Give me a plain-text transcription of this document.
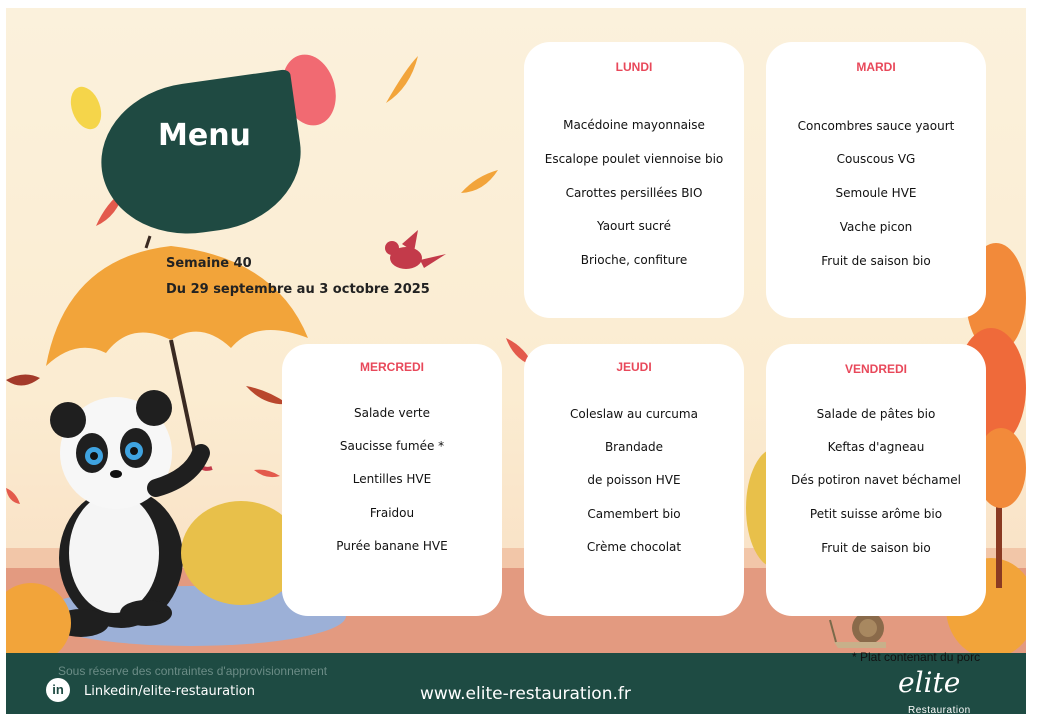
Menu
Semaine 40
Du 29 septembre au 3 octobre 2025
LUNDI
Macédoine mayonnaise
Escalope poulet viennoise bio
Carottes persillées BIO
Yaourt sucré
Brioche, confiture
MARDI
Concombres sauce yaourt
Couscous VG
Semoule HVE
Vache picon
Fruit de saison bio
MERCREDI
Salade verte
Saucisse fumée *
Lentilles HVE
Fraidou
Purée banane HVE
JEUDI
Coleslaw au curcuma
Brandade
de poisson HVE
Camembert bio
Crème chocolat
VENDREDI
Salade de pâtes bio
Keftas d'agneau
Dés potiron navet béchamel
Petit suisse arôme bio
Fruit de saison bio
Sous réserve des contraintes d'approvisionnement
* Plat contenant du porc
in	Linkedin/elite-restauration	www.elite-restauration.fr	elite
Restauration
